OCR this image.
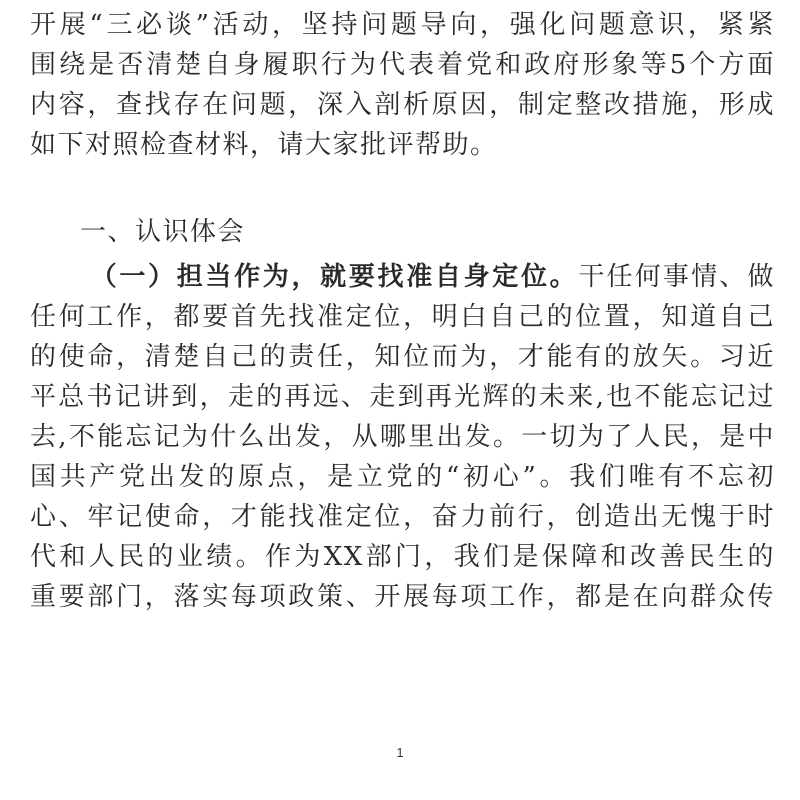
开展“三必谈”活动，坚持问题导向，强化问题意识，紧紧
围绕是否清楚自身履职行为代表着党和政府形象等5个方面
内容，查找存在问题，深入剖析原因，制定整改措施，形成
如下对照检查材料，请大家批评帮助。
一、认识体会
（一）担当作为，就要找准自身定位。干任何事情、做
任何工作，都要首先找准定位，明白自己的位置，知道自己
的使命，清楚自己的责任，知位而为，才能有的放矢。习近
平总书记讲到，走的再远、走到再光辉的未来,也不能忘记过
去,不能忘记为什么出发，从哪里出发。一切为了人民，是中
国共产党出发的原点，是立党的“初心”。我们唯有不忘初
心、牢记使命，才能找准定位，奋力前行，创造出无愧于时
代和人民的业绩。作为XX部门，我们是保障和改善民生的
重要部门，落实每项政策、开展每项工作，都是在向群众传
1
